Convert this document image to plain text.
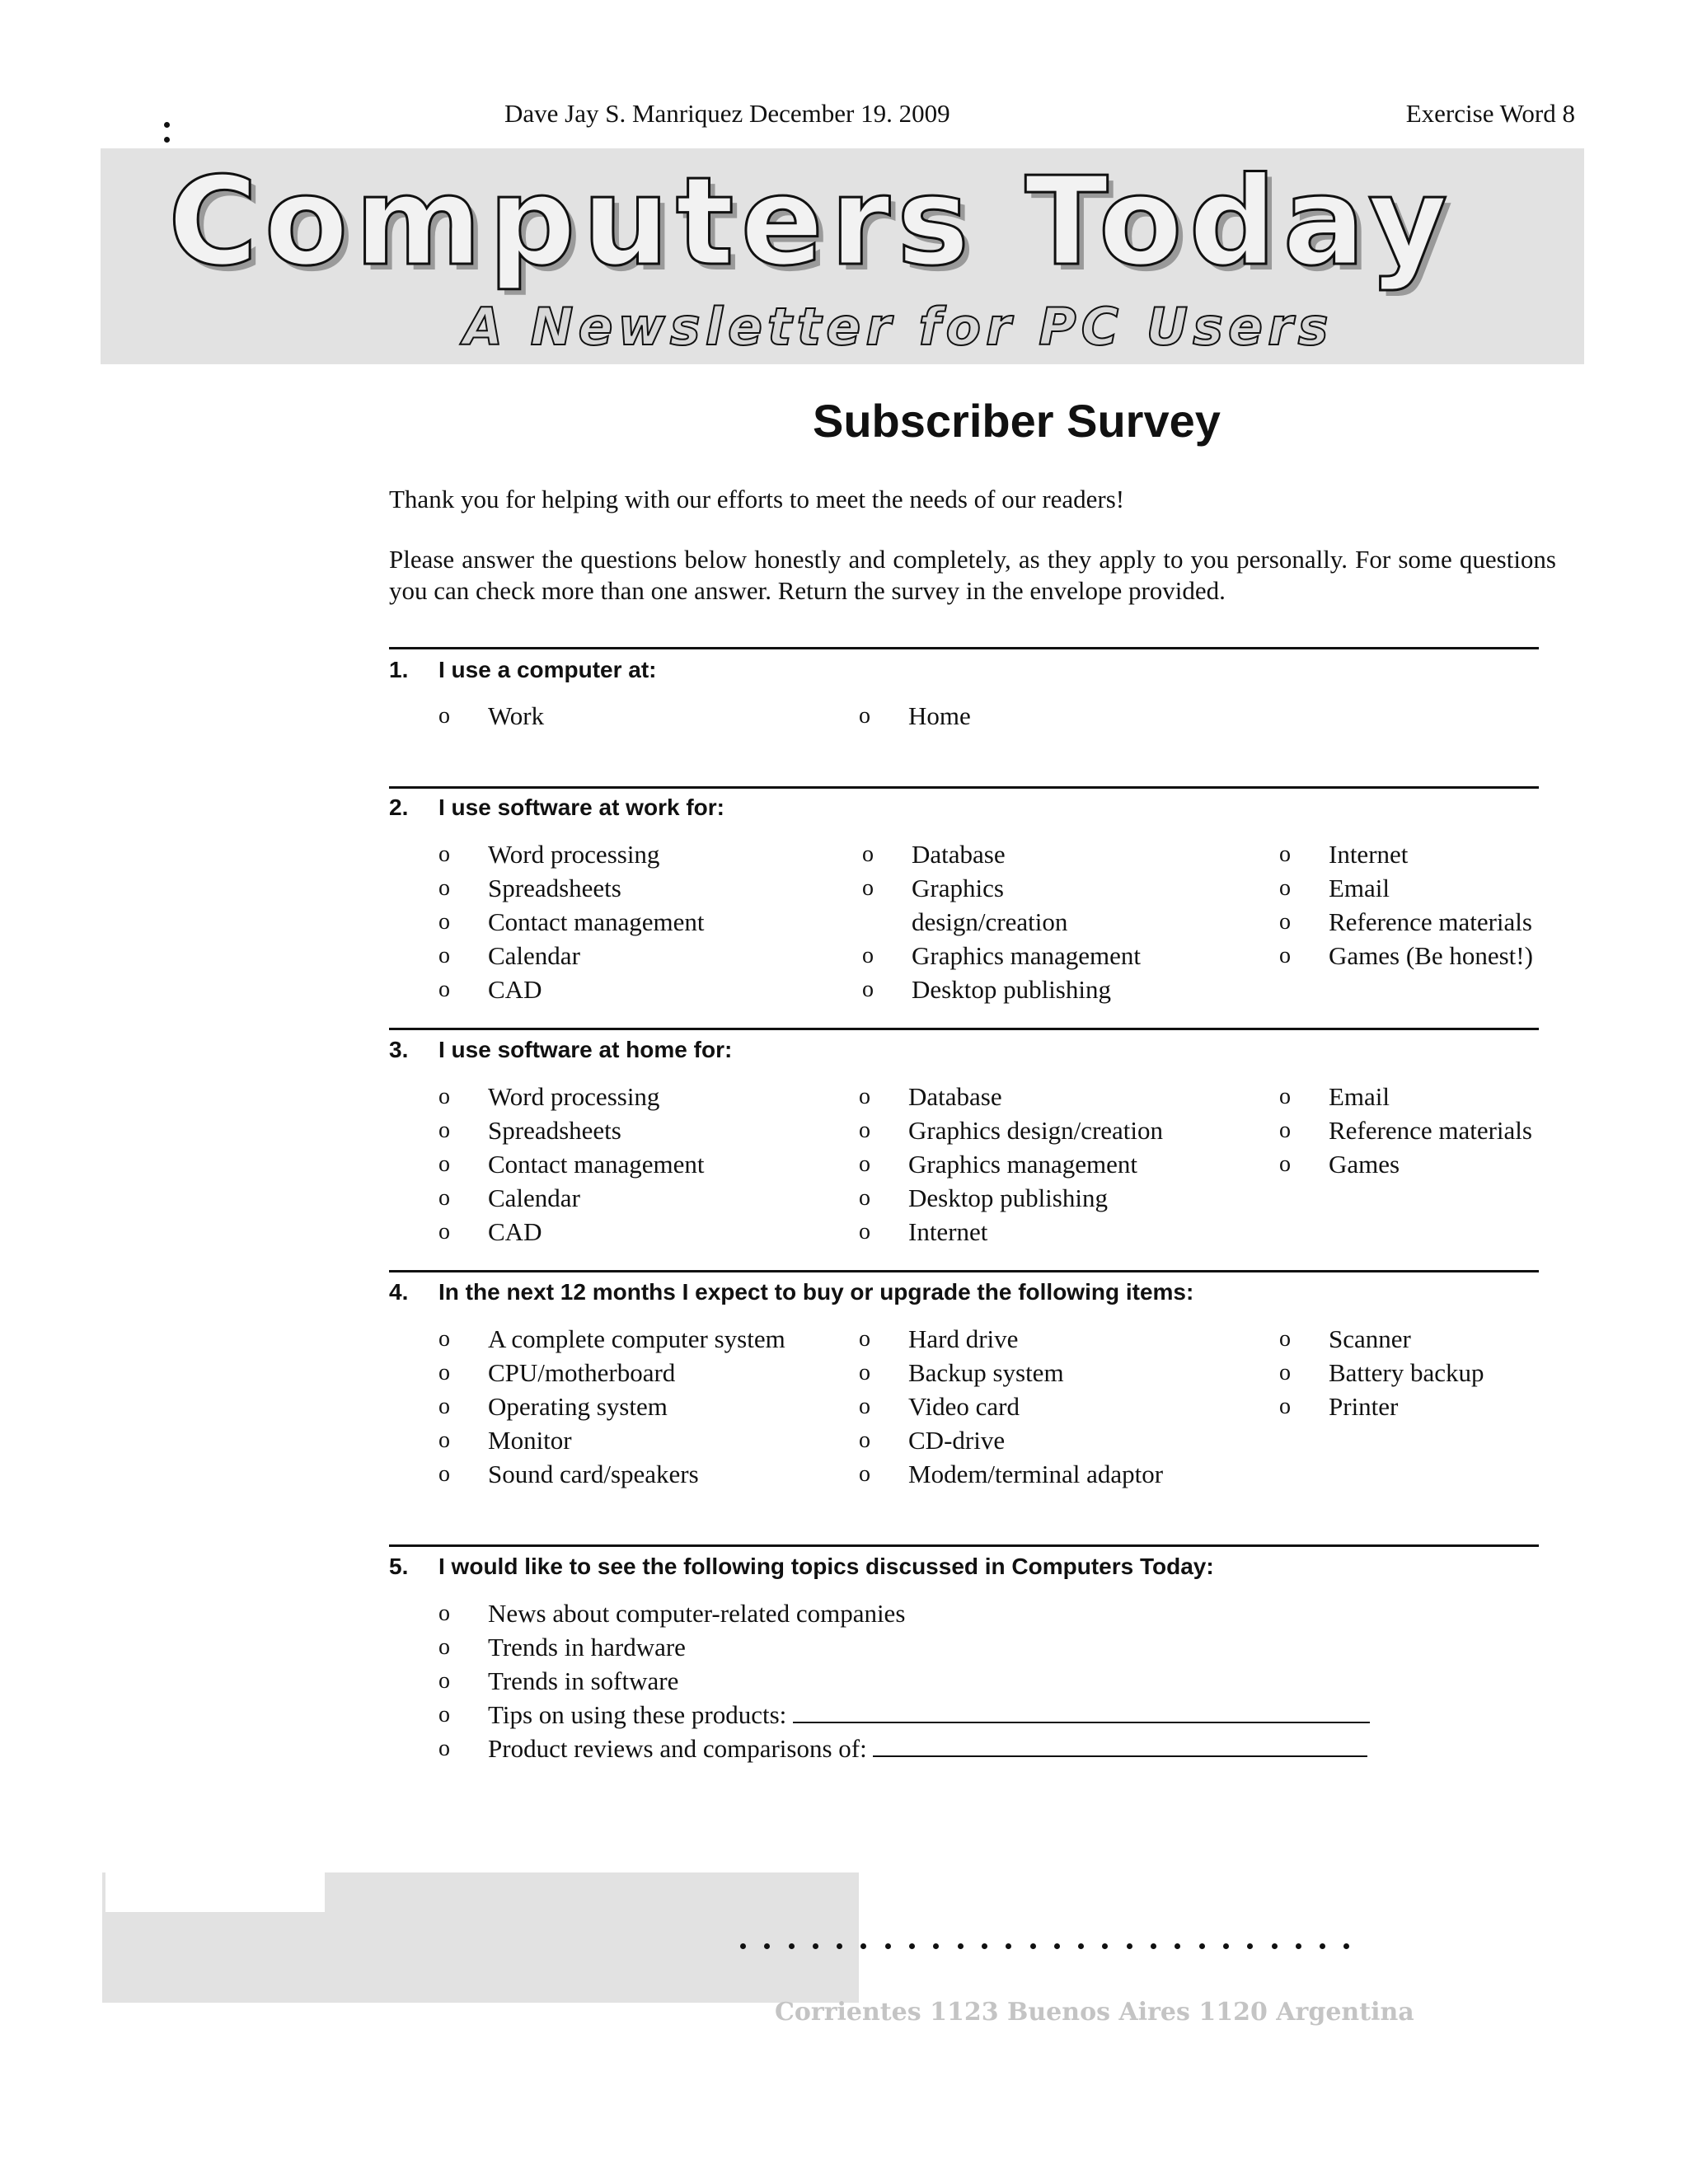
Dave Jay S. Manriquez December 19. 2009	Exercise Word 8
Computers Today
A Newsletter for PC Users
Subscriber Survey
Thank you for helping with our efforts to meet the needs of our readers!
Please answer the questions below honestly and completely, as they apply to you personally. For some questions you can check more than one answer. Return the survey in the envelope provided.
1. I use a computer at:
o Work	o Home
2. I use software at work for:
o Word processing
o Spreadsheets
o Contact management
o Calendar
o CAD
o Database
o Graphics design/creation
o Graphics management
o Desktop publishing
o Internet
o Email
o Reference materials
o Games (Be honest!)
3. I use software at home for:
o Word processing
o Spreadsheets
o Contact management
o Calendar
o CAD
o Database
o Graphics design/creation
o Graphics management
o Desktop publishing
o Internet
o Email
o Reference materials
o Games
4. In the next 12 months I expect to buy or upgrade the following items:
o A complete computer system
o CPU/motherboard
o Operating system
o Monitor
o Sound card/speakers
o Hard drive
o Backup system
o Video card
o CD-drive
o Modem/terminal adaptor
o Scanner
o Battery backup
o Printer
5. I would like to see the following topics discussed in Computers Today:
o News about computer-related companies
o Trends in hardware
o Trends in software
o Tips on using these products:
o Product reviews and comparisons of:
Corrientes 1123 Buenos Aires 1120 Argentina
